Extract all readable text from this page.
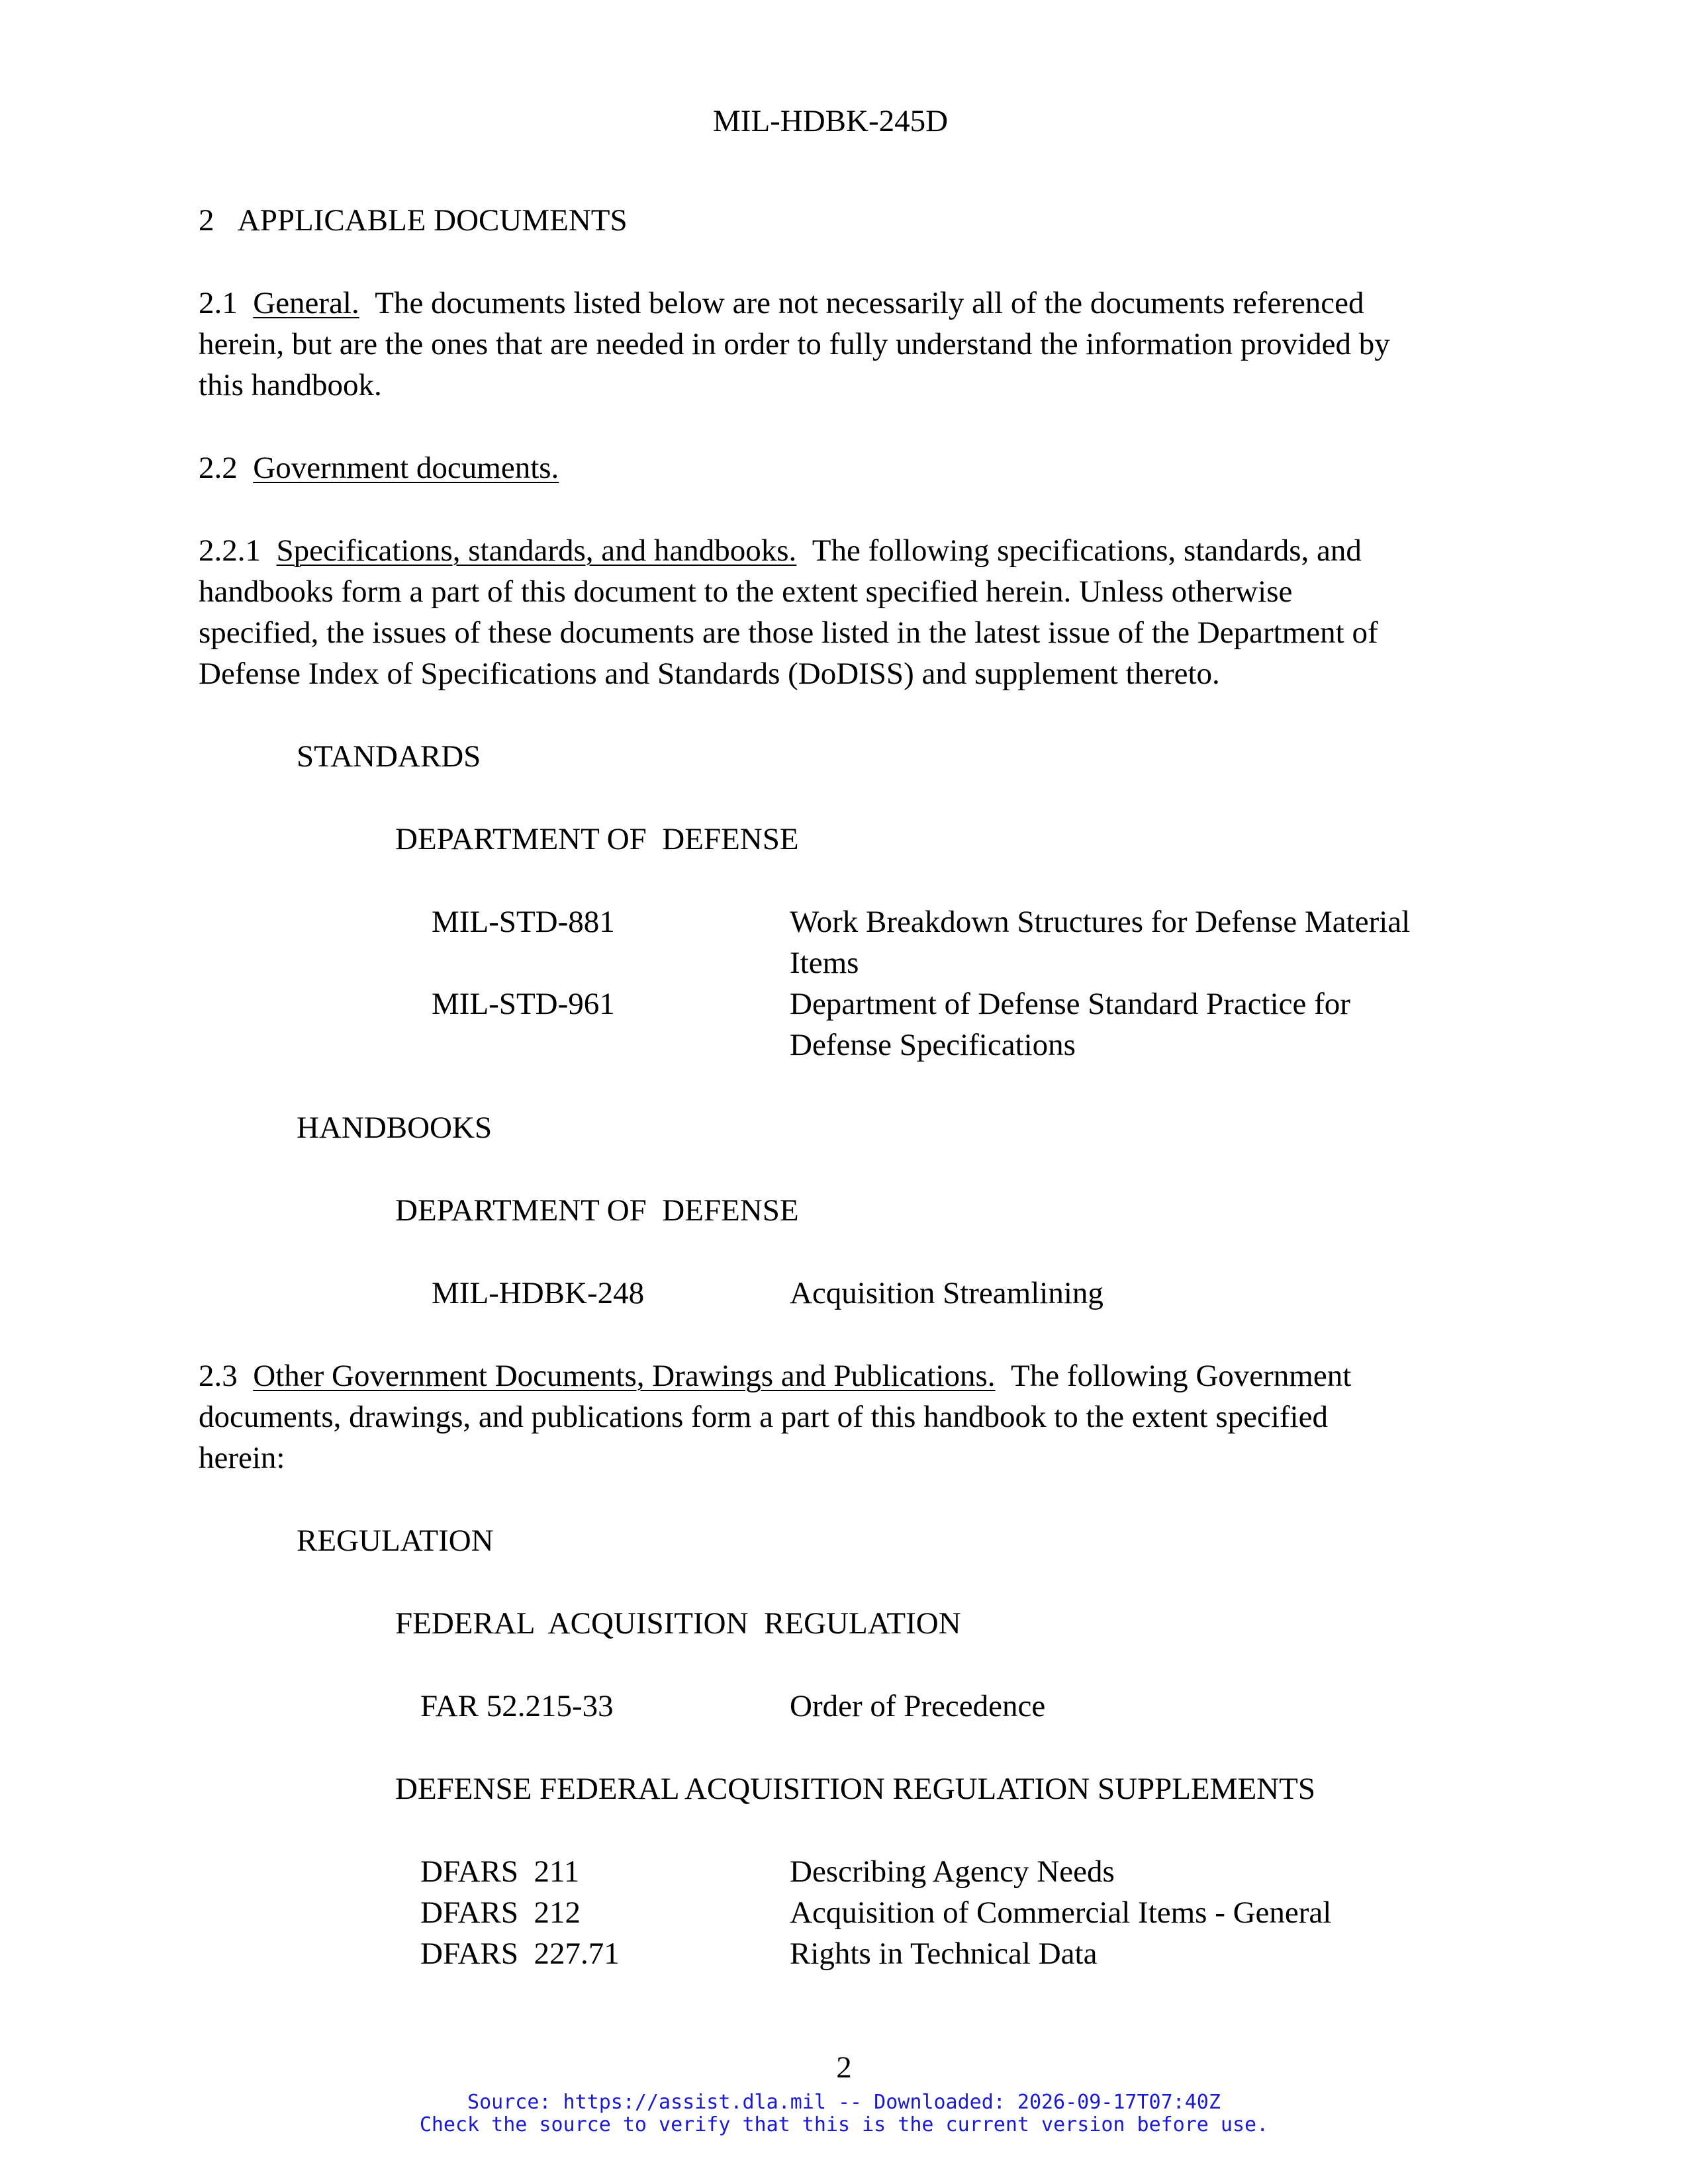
MIL-HDBK-245D
2 APPLICABLE DOCUMENTS
2.1 General. The documents listed below are not necessarily all of the documents referenced
herein, but are the ones that are needed in order to fully understand the information provided by
this handbook.
2.2 Government documents.
2.2.1 Specifications, standards, and handbooks. The following specifications, standards, and
handbooks form a part of this document to the extent specified herein. Unless otherwise
specified, the issues of these documents are those listed in the latest issue of the Department of
Defense Index of Specifications and Standards (DoDISS) and supplement thereto.
STANDARDS
DEPARTMENT OF  DEFENSE
MIL-STD-881	Work Breakdown Structures for Defense Material
Items
MIL-STD-961	Department of Defense Standard Practice for
Defense Specifications
HANDBOOKS
DEPARTMENT OF  DEFENSE
MIL-HDBK-248	Acquisition Streamlining
2.3 Other Government Documents, Drawings and Publications. The following Government
documents, drawings, and publications form a part of this handbook to the extent specified
herein:
REGULATION
FEDERAL  ACQUISITION  REGULATION
FAR 52.215-33	Order of Precedence
DEFENSE FEDERAL ACQUISITION REGULATION SUPPLEMENTS
DFARS  211	Describing Agency Needs
DFARS  212	Acquisition of Commercial Items - General
DFARS  227.71	Rights in Technical Data
2
Source: https://assist.dla.mil -- Downloaded: 2026-09-17T07:40Z
Check the source to verify that this is the current version before use.
